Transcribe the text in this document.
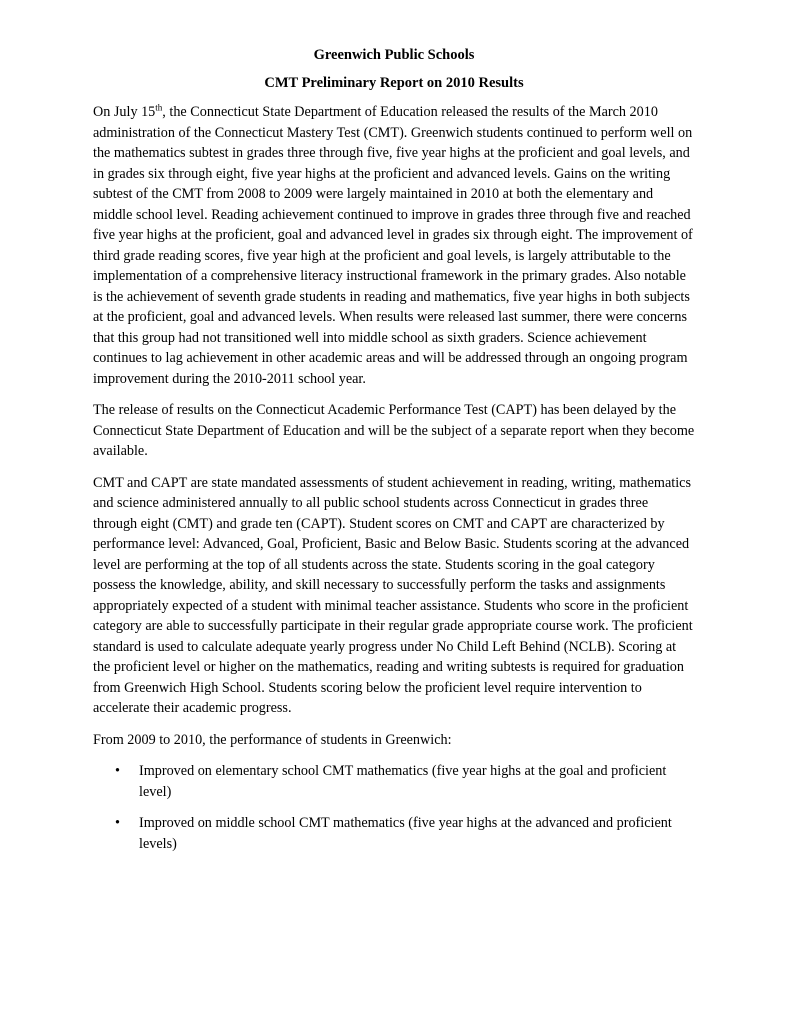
Greenwich Public Schools

CMT Preliminary Report on 2010 Results

On July 15th, the Connecticut State Department of Education released the results of the March 2010 administration of the Connecticut Mastery Test (CMT). Greenwich students continued to perform well on the mathematics subtest in grades three through five, five year highs at the proficient and goal levels, and in grades six through eight, five year highs at the proficient and advanced levels. Gains on the writing subtest of the CMT from 2008 to 2009 were largely maintained in 2010 at both the elementary and middle school level. Reading achievement continued to improve in grades three through five and reached five year highs at the proficient, goal and advanced level in grades six through eight. The improvement of third grade reading scores, five year high at the proficient and goal levels, is largely attributable to the implementation of a comprehensive literacy instructional framework in the primary grades. Also notable is the achievement of seventh grade students in reading and mathematics, five year highs in both subjects at the proficient, goal and advanced levels. When results were released last summer, there were concerns that this group had not transitioned well into middle school as sixth graders. Science achievement continues to lag achievement in other academic areas and will be addressed through an ongoing program improvement during the 2010-2011 school year.

The release of results on the Connecticut Academic Performance Test (CAPT) has been delayed by the Connecticut State Department of Education and will be the subject of a separate report when they become available.

CMT and CAPT are state mandated assessments of student achievement in reading, writing, mathematics and science administered annually to all public school students across Connecticut in grades three through eight (CMT) and grade ten (CAPT). Student scores on CMT and CAPT are characterized by performance level: Advanced, Goal, Proficient, Basic and Below Basic. Students scoring at the advanced level are performing at the top of all students across the state. Students scoring in the goal category possess the knowledge, ability, and skill necessary to successfully perform the tasks and assignments appropriately expected of a student with minimal teacher assistance. Students who score in the proficient category are able to successfully participate in their regular grade appropriate course work. The proficient standard is used to calculate adequate yearly progress under No Child Left Behind (NCLB). Scoring at the proficient level or higher on the mathematics, reading and writing subtests is required for graduation from Greenwich High School. Students scoring below the proficient level require intervention to accelerate their academic progress.

From 2009 to 2010, the performance of students in Greenwich:

• Improved on elementary school CMT mathematics (five year highs at the goal and proficient level)
• Improved on middle school CMT mathematics (five year highs at the advanced and proficient levels)
